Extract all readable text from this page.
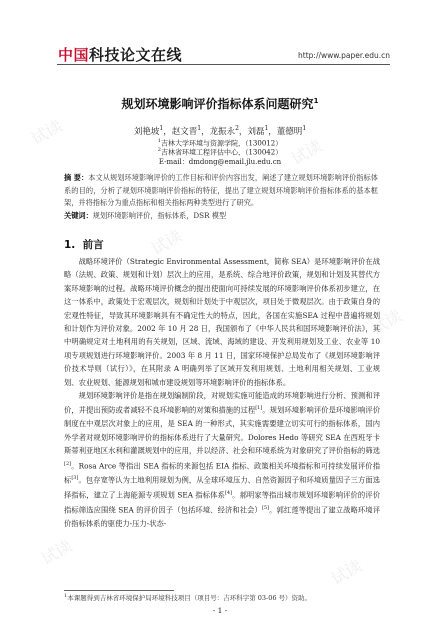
试读
试读
试读
试读
试读
试读
试读
试读
中国科技论文在线	http://www.paper.edu.cn
规划环境影响评价指标体系问题研究$^1$
刘艳坡$^1$，赵文晋$^1$，龙振永$^2$，刘磊$^1$，董德明$^1$
$^1$吉林大学环境与资源学院，（130012）
$^2$吉林省环境工程评估中心，（130042）
E-mail：dmdong@email.jlu.edu.cn
摘 要：本文从规划环境影响评价的工作目标和评价内容出发，阐述了建立规划环境影响评价指标体系的目的，分析了规划环境影响评价指标的特征，提出了建立规划环境影响评价指标体系的基本框架，并将指标分为重点指标和相关指标两种类型进行了研究。
关键词：规划环境影响评价，指标体系，DSR 模型
1. 前言

战略环境评价（Strategic Environmental Assessment，简称 SEA）是环境影响评价在战略（法规、政策、规划和计划）层次上的应用，是系统、综合地评价政策，规划和计划及其替代方案环境影响的过程。战略环境评价概念的提出使面向可持续发展的环境影响评价体系初步建立，在这一体系中，政策处于宏观层次，规划和计划处于中观层次，项目处于微观层次。由于政策自身的宏观性特征，导致其环境影响具有不确定性大的特点，因此，各国在实施SEA 过程中普遍将规划和计划作为评价对象。2002 年 10 月 28 日，我国颁布了《中华人民共和国环境影响评价法》，其中明确规定对土地利用的有关规划，区域、流域、海域的建设、开发利用规划及工业、农业等 10 项专项规划进行环境影响评价。2003 年 8 月 11 日，国家环境保护总局发布了《规划环境影响评价技术导则（试行）》，在其附录 A 明确列举了区域开发利用规划、土地利用相关规划、工业规划、农业规划、能源规划和城市建设规划等环境影响评价的指标体系。

规划环境影响评价是指在规划编制阶段，对规划实施可能造成的环境影响进行分析、预测和评价，并提出预防或者减轻不良环境影响的对策和措施的过程[1]。规划环境影响评价是环境影响评价制度在中观层次对象上的应用，是 SEA 的一种形式，其实施需要建立切实可行的指标体系，国内外学者对规划环境影响评价的指标体系进行了大量研究。Dolores Hedo 等研究 SEA 在西班牙卡斯蒂利亚地区水利和灌溉规划中的应用，并以经济、社会和环境系统为对象研究了评价指标的筛选[2]。Rosa Arce 等指出 SEA 指标的来源包括 EIA 指标、政策相关环境指标和可持续发展评价指标[3]。包存宽等认为土地利用规划为例，从全球环境压力、自然资源因子和环境质量因子三方面选择指标，建立了上海能源专项规划 SEA 指标体系[4]。郝明家等指出城市规划环境影响评价的评价指标筛选应围绕 SEA 的评价因子（包括环境、经济和社会）[5]。郭红莲等提出了建立战略环境评价指标体系的驱使力-压力-状态-

$^1$本课题得到吉林省环境保护局环境科技项目（项目号：吉环科字第 03-06 号）资助。
- 1 -
